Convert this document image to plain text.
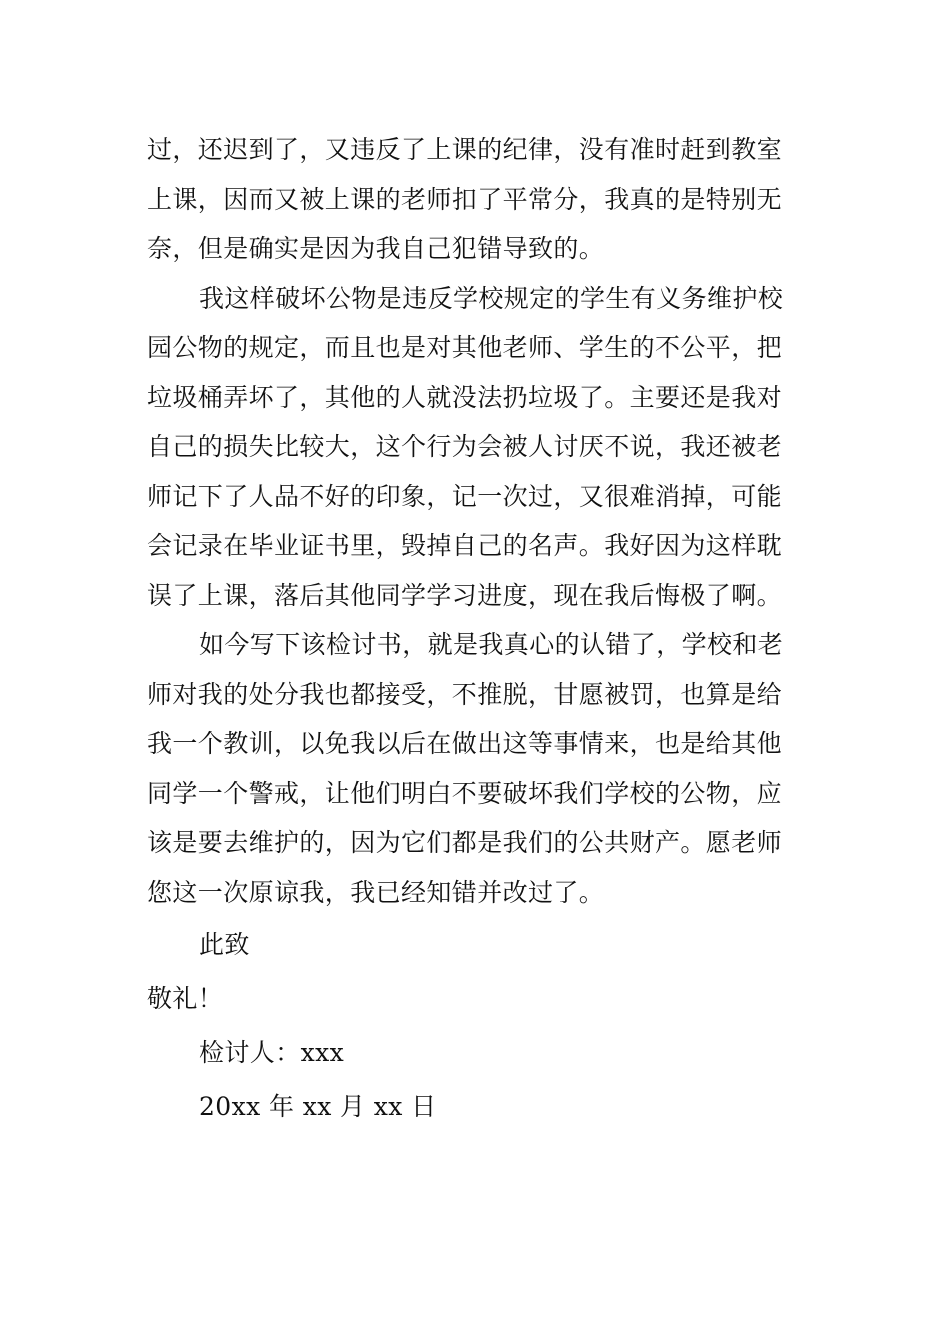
过，还迟到了，又违反了上课的纪律，没有准时赶到教室
上课，因而又被上课的老师扣了平常分，我真的是特别无
奈，但是确实是因为我自己犯错导致的。
我这样破坏公物是违反学校规定的学生有义务维护校
园公物的规定，而且也是对其他老师、学生的不公平，把
垃圾桶弄坏了，其他的人就没法扔垃圾了。主要还是我对
自己的损失比较大，这个行为会被人讨厌不说，我还被老
师记下了人品不好的印象，记一次过，又很难消掉，可能
会记录在毕业证书里，毁掉自己的名声。我好因为这样耽
误了上课，落后其他同学学习进度，现在我后悔极了啊。
如今写下该检讨书，就是我真心的认错了，学校和老
师对我的处分我也都接受，不推脱，甘愿被罚，也算是给
我一个教训，以免我以后在做出这等事情来，也是给其他
同学一个警戒，让他们明白不要破坏我们学校的公物，应
该是要去维护的，因为它们都是我们的公共财产。愿老师
您这一次原谅我，我已经知错并改过了。
此致
敬礼！
检讨人：xxx
20xx 年 xx 月 xx 日
